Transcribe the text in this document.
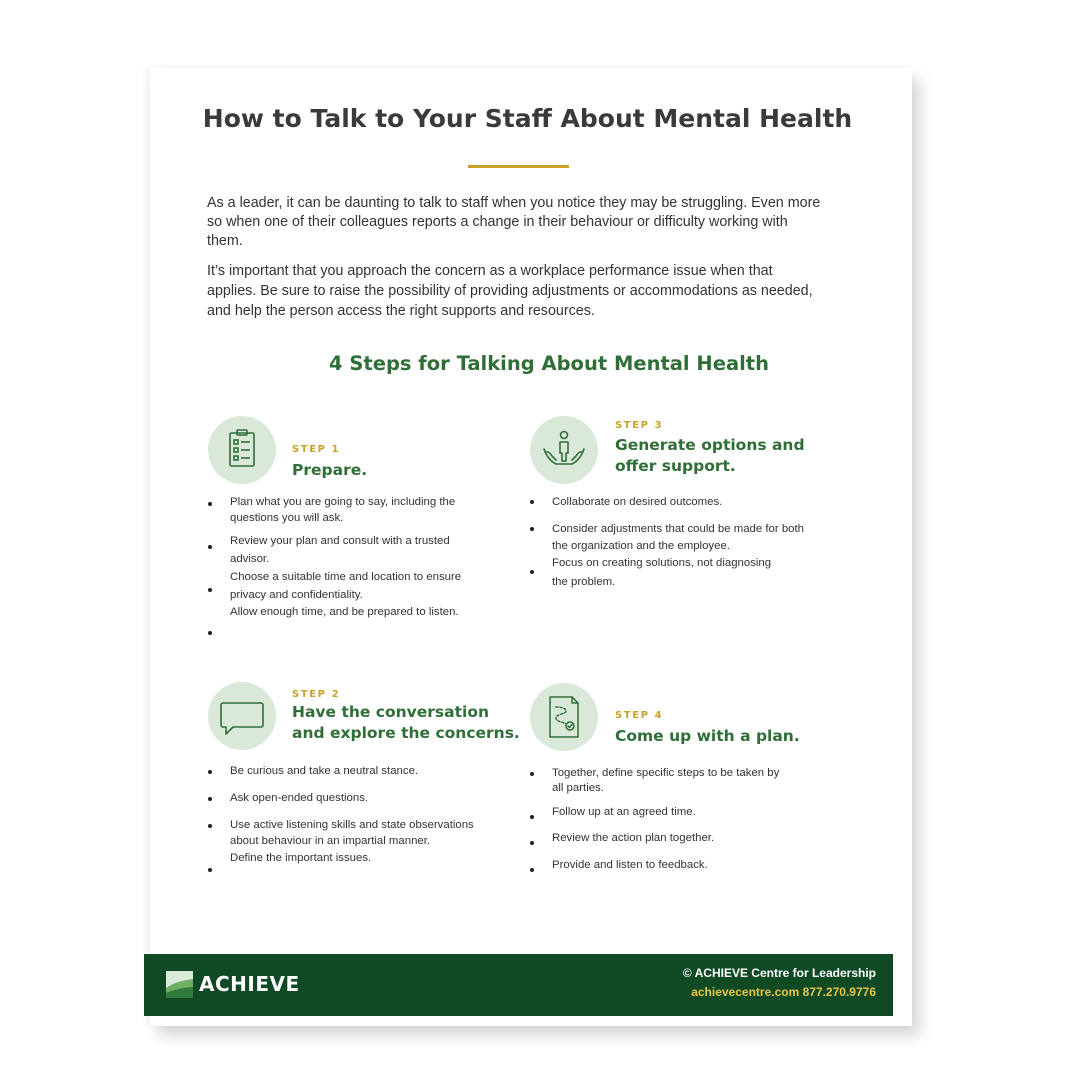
How to Talk to Your Staff About Mental Health

As a leader, it can be daunting to talk to staff when you notice they may be struggling. Even more so when one of their colleagues reports a change in their behaviour or difficulty working with them.

It’s important that you approach the concern as a workplace performance issue when that applies. Be sure to raise the possibility of providing adjustments or accommodations as needed, and help the person access the right supports and resources.

4 Steps for Talking About Mental Health
STEP 1
Prepare.
Plan what you are going to say, including the
questions you will ask.
Review your plan and consult with a trusted
advisor.
Choose a suitable time and location to ensure
privacy and confidentiality.
Allow enough time, and be prepared to listen.
STEP 3
Generate options and offer support.
Collaborate on desired outcomes.
Consider adjustments that could be made for both
the organization and the employee.
Focus on creating solutions, not diagnosing
the problem.
STEP 2
Have the conversation and explore the concerns.
Be curious and take a neutral stance.
Ask open-ended questions.
Use active listening skills and state observations
about behaviour in an impartial manner.
Define the important issues.
STEP 4
Come up with a plan.
Together, define specific steps to be taken by
all parties.
Follow up at an agreed time.
Review the action plan together.
Provide and listen to feedback.
ACHIEVE	© ACHIEVE Centre for Leadership
achievecentre.com 877.270.9776
